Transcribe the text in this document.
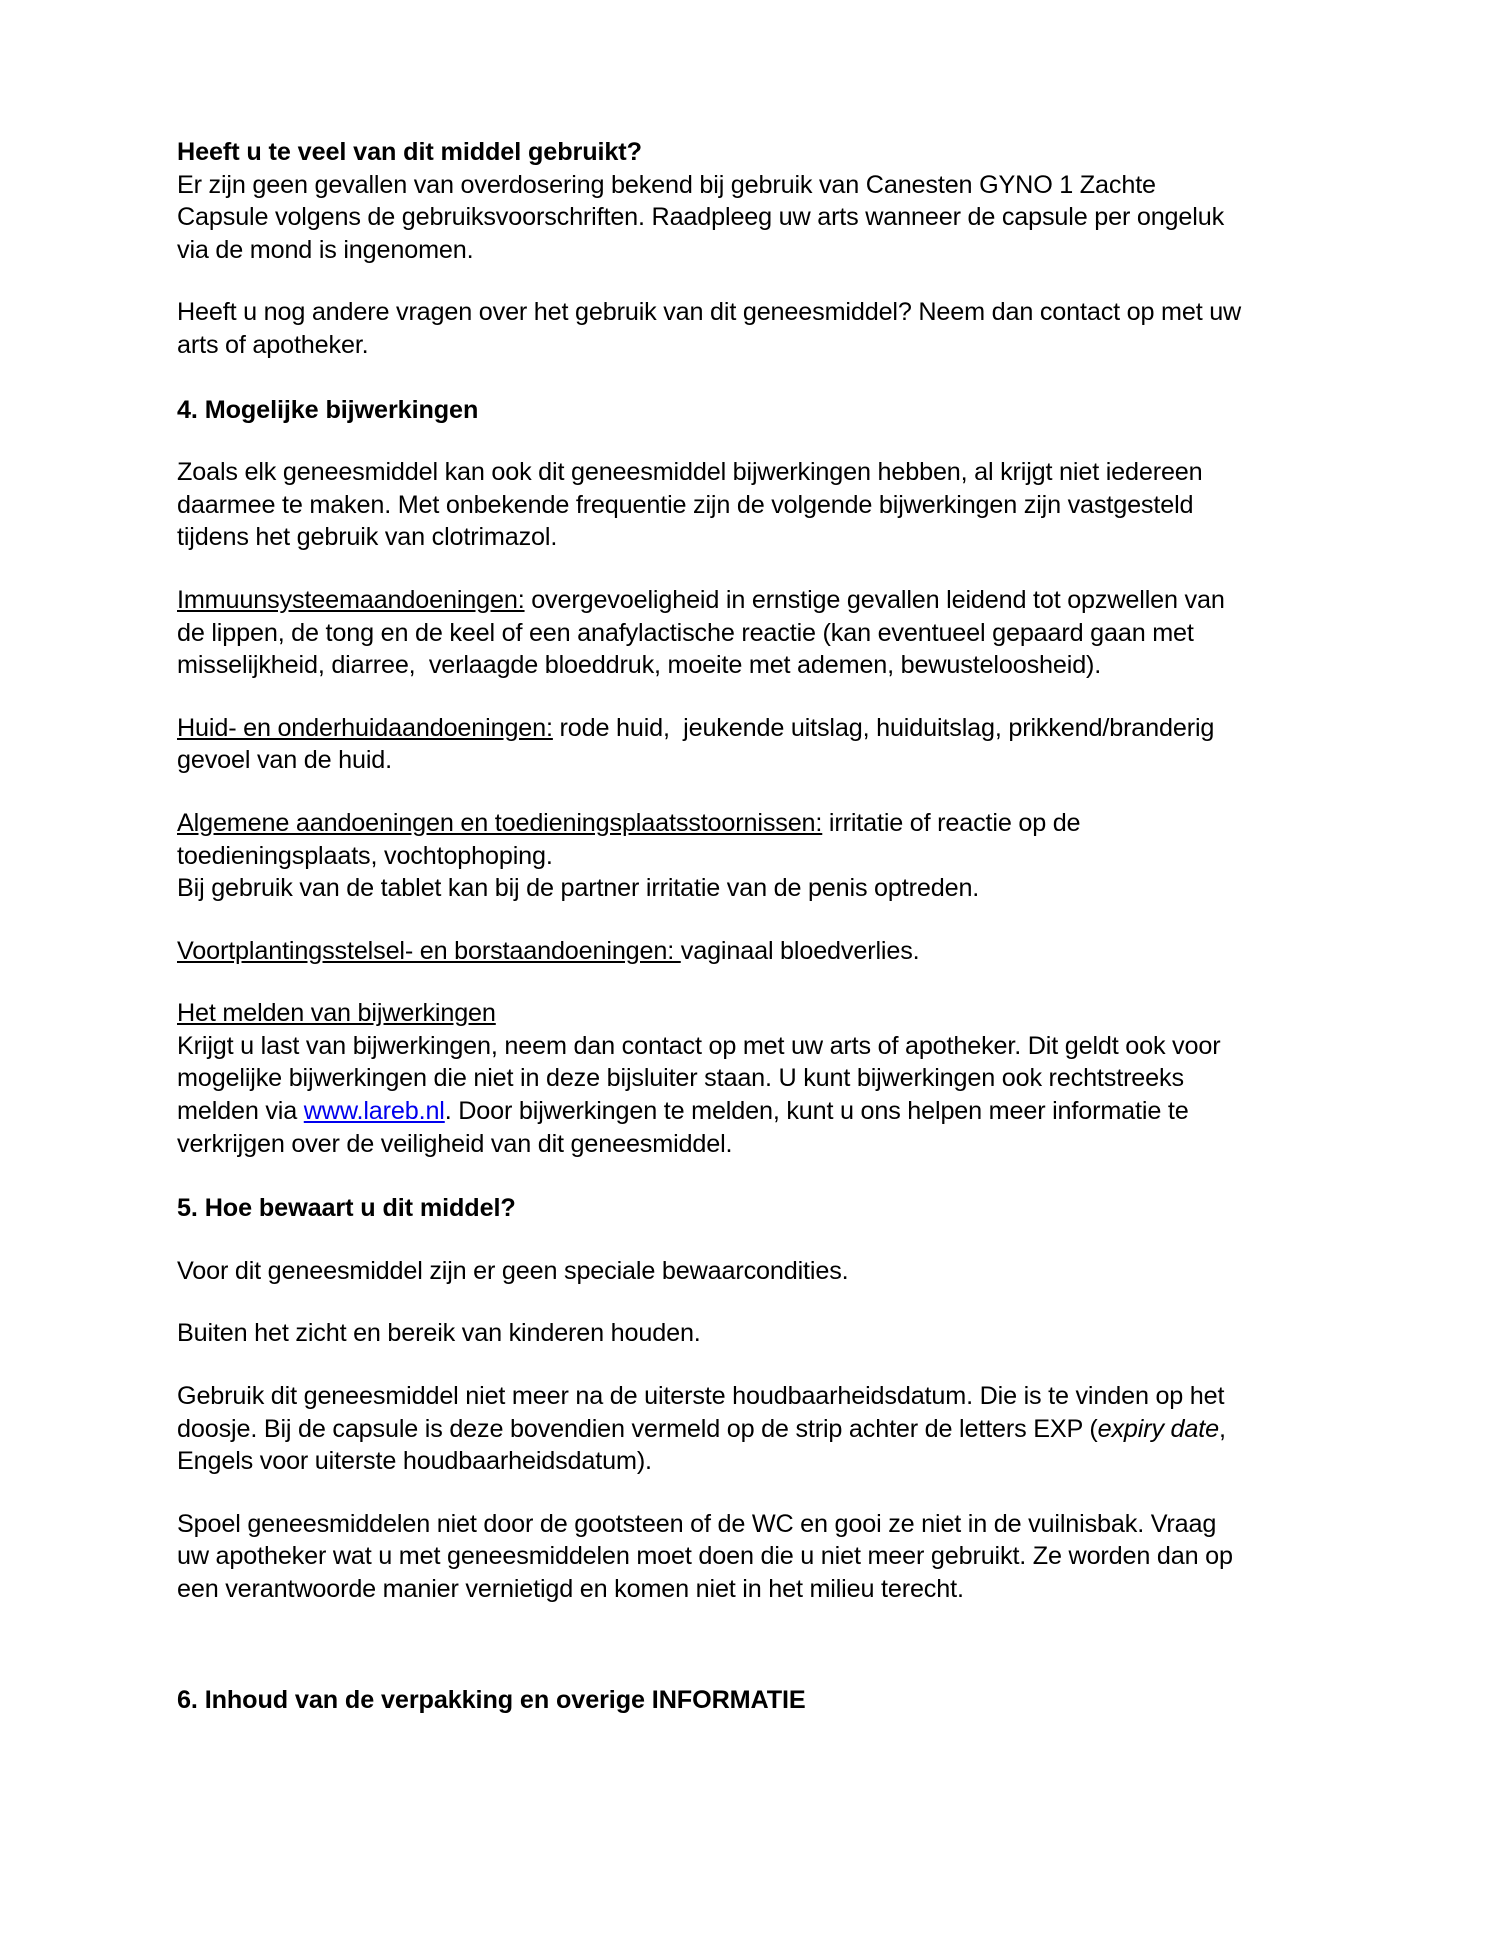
Heeft u te veel van dit middel gebruikt?

Er zijn geen gevallen van overdosering bekend bij gebruik van Canesten GYNO 1 Zachte Capsule volgens de gebruiksvoorschriften. Raadpleeg uw arts wanneer de capsule per ongeluk via de mond is ingenomen.

Heeft u nog andere vragen over het gebruik van dit geneesmiddel? Neem dan contact op met uw arts of apotheker.

4. Mogelijke bijwerkingen

Zoals elk geneesmiddel kan ook dit geneesmiddel bijwerkingen hebben, al krijgt niet iedereen daarmee te maken. Met onbekende frequentie zijn de volgende bijwerkingen zijn vastgesteld tijdens het gebruik van clotrimazol.

Immuunsysteemaandoeningen: overgevoeligheid in ernstige gevallen leidend tot opzwellen van de lippen, de tong en de keel of een anafylactische reactie (kan eventueel gepaard gaan met misselijkheid, diarree,  verlaagde bloeddruk, moeite met ademen, bewusteloosheid).

Huid- en onderhuidaandoeningen: rode huid,  jeukende uitslag, huiduitslag, prikkend/branderig gevoel van de huid.

Algemene aandoeningen en toedieningsplaatsstoornissen: irritatie of reactie op de toedieningsplaats, vochtophoping.

Bij gebruik van de tablet kan bij de partner irritatie van de penis optreden.

Voortplantingsstelsel- en borstaandoeningen: vaginaal bloedverlies.

Het melden van bijwerkingen

Krijgt u last van bijwerkingen, neem dan contact op met uw arts of apotheker. Dit geldt ook voor mogelijke bijwerkingen die niet in deze bijsluiter staan. U kunt bijwerkingen ook rechtstreeks melden via www.lareb.nl. Door bijwerkingen te melden, kunt u ons helpen meer informatie te verkrijgen over de veiligheid van dit geneesmiddel.

5. Hoe bewaart u dit middel?

Voor dit geneesmiddel zijn er geen speciale bewaarcondities.

Buiten het zicht en bereik van kinderen houden.

Gebruik dit geneesmiddel niet meer na de uiterste houdbaarheidsdatum. Die is te vinden op het doosje. Bij de capsule is deze bovendien vermeld op de strip achter de letters EXP (expiry date, Engels voor uiterste houdbaarheidsdatum).

Spoel geneesmiddelen niet door de gootsteen of de WC en gooi ze niet in de vuilnisbak. Vraag uw apotheker wat u met geneesmiddelen moet doen die u niet meer gebruikt. Ze worden dan op een verantwoorde manier vernietigd en komen niet in het milieu terecht.

6. Inhoud van de verpakking en overige INFORMATIE
